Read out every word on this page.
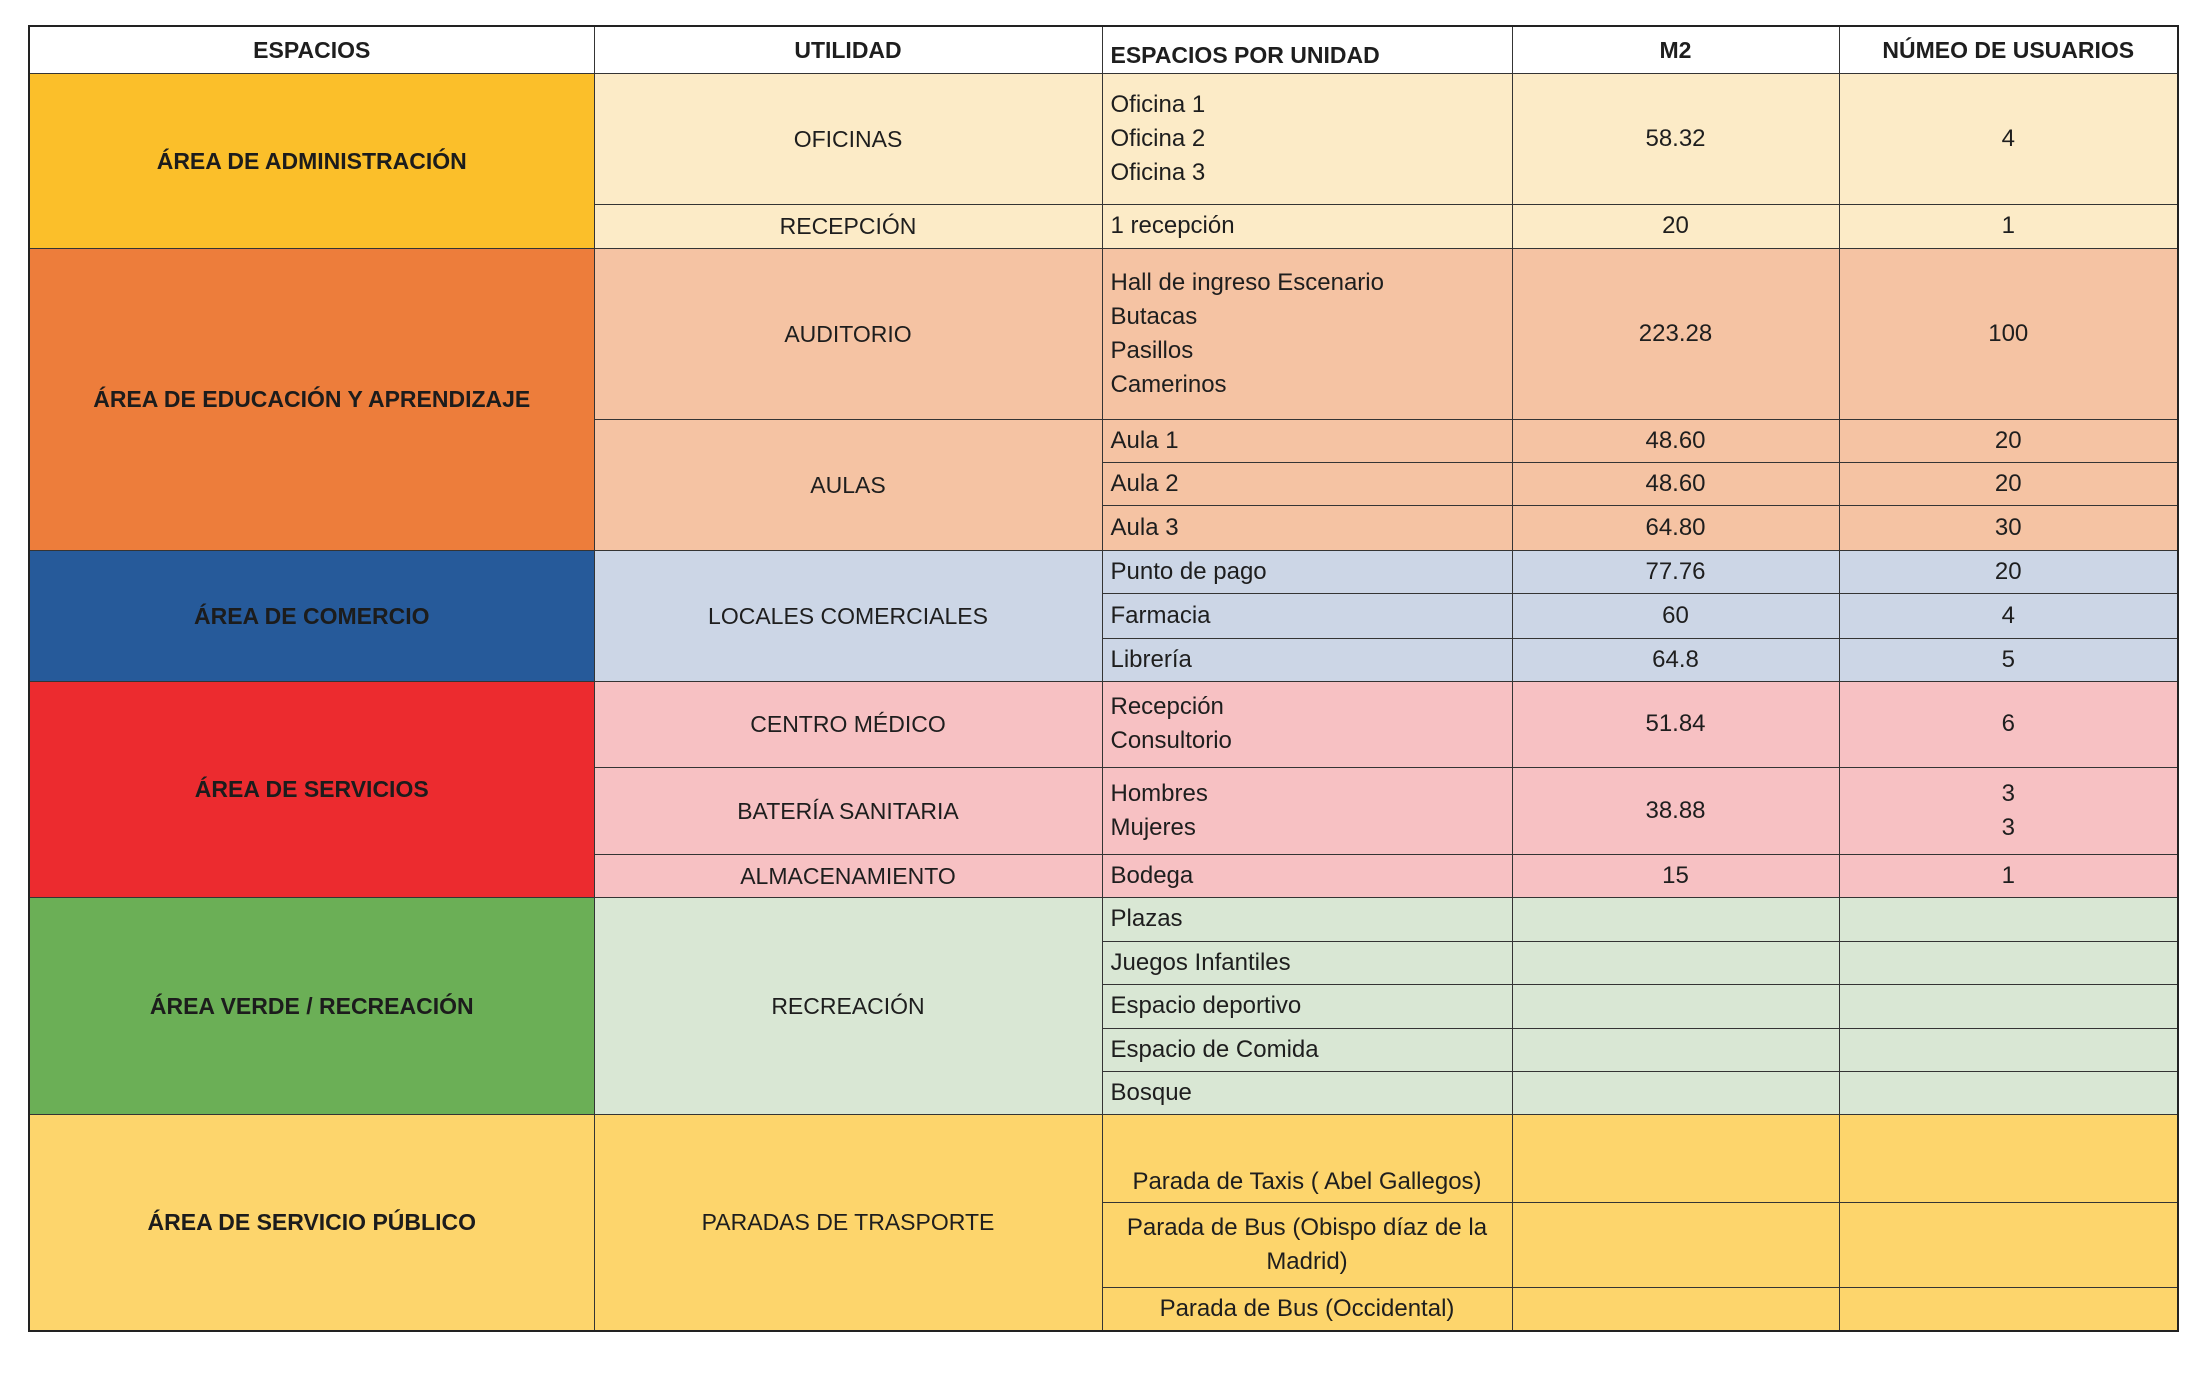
ESPACIOS	UTILIDAD	ESPACIOS POR UNIDAD	M2	NÚMEO DE USUARIOS
ÁREA DE ADMINISTRACIÓN	OFICINAS	Oficina 1
Oficina 2
Oficina 3	58.32	4

	RECEPCIÓN	1 recepción	20	1

ÁREA DE EDUCACIÓN Y APRENDIZAJE	AUDITORIO	Hall de ingreso Escenario
Butacas
Pasillos
Camerinos	223.28	100

	AULAS	Aula 1	48.60	20

		Aula 2	48.60	20

		Aula 3	64.80	30

ÁREA DE COMERCIO	LOCALES COMERCIALES	Punto de pago	77.76	20

		Farmacia	60	4

		Librería	64.8	5

ÁREA DE SERVICIOS	CENTRO MÉDICO	Recepción
Consultorio	51.84	6

	BATERÍA SANITARIA	Hombres
Mujeres	38.88	3
3

	ALMACENAMIENTO	Bodega	15	1

ÁREA VERDE / RECREACIÓN	RECREACIÓN	Plazas		

		Juegos Infantiles		

		Espacio deportivo		

		Espacio de Comida		

		Bosque		

ÁREA DE SERVICIO PÚBLICO	PARADAS DE TRASPORTE	Parada de Taxis ( Abel Gallegos)		

		Parada de Bus (Obispo díaz de la Madrid)		

		Parada de Bus (Occidental)		
